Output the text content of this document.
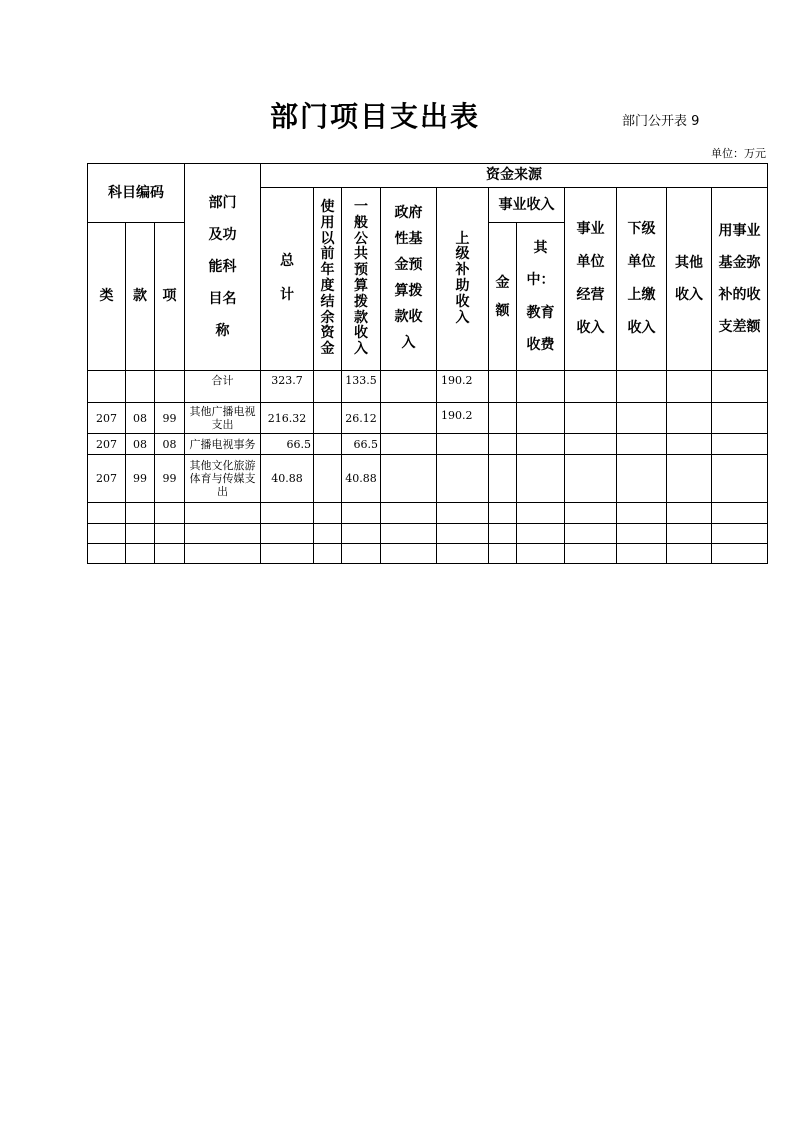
部门项目支出表	部门公开表 9
单位：万元
科目编码			部门及功能科目名称	资金来源										
				总计	使用以前年度结余资金	一般公共预算拨款收入	政府性基金预算拨款收入	上级补助收入	事业收入		事业单位经营收入	下级单位上缴收入	其他收入	用事业基金弥补的收支差额
类	款	项							金额	其中：教育收费				

			合计	323.7		133.5		190.2						
207	08	99	其他广播电视支出	216.32		26.12		190.2						
207	08	08	广播电视事务	66.5		66.5								
207	99	99	其他文化旅游体育与传媒支出	40.88		40.88								
